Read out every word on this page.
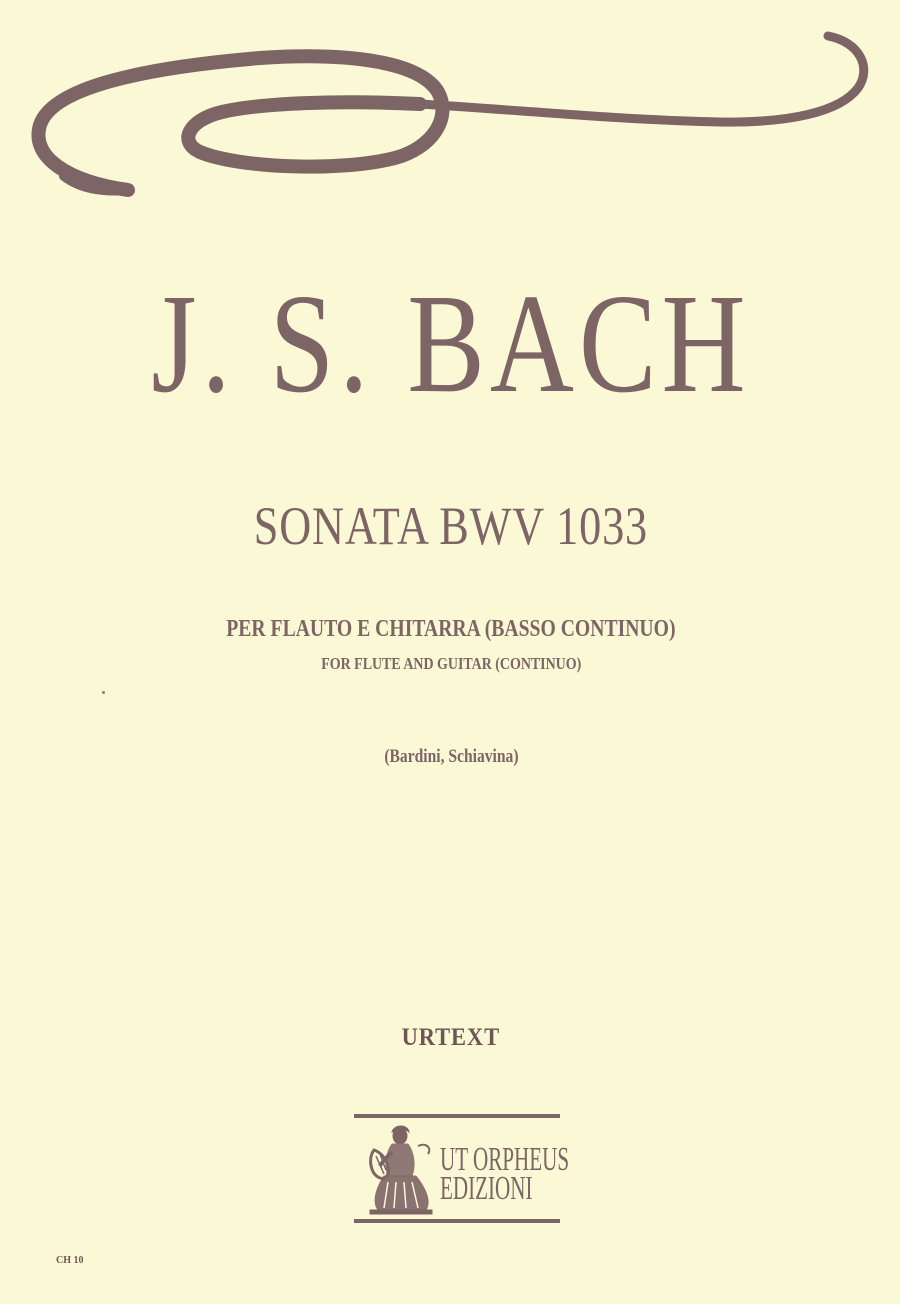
J. S. BACH
SONATA BWV 1033
PER FLAUTO E CHITARRA (BASSO CONTINUO)
FOR FLUTE AND GUITAR (CONTINUO)
(Bardini, Schiavina)
URTEXT
UT ORPHEUS
EDIZIONI
CH 10
